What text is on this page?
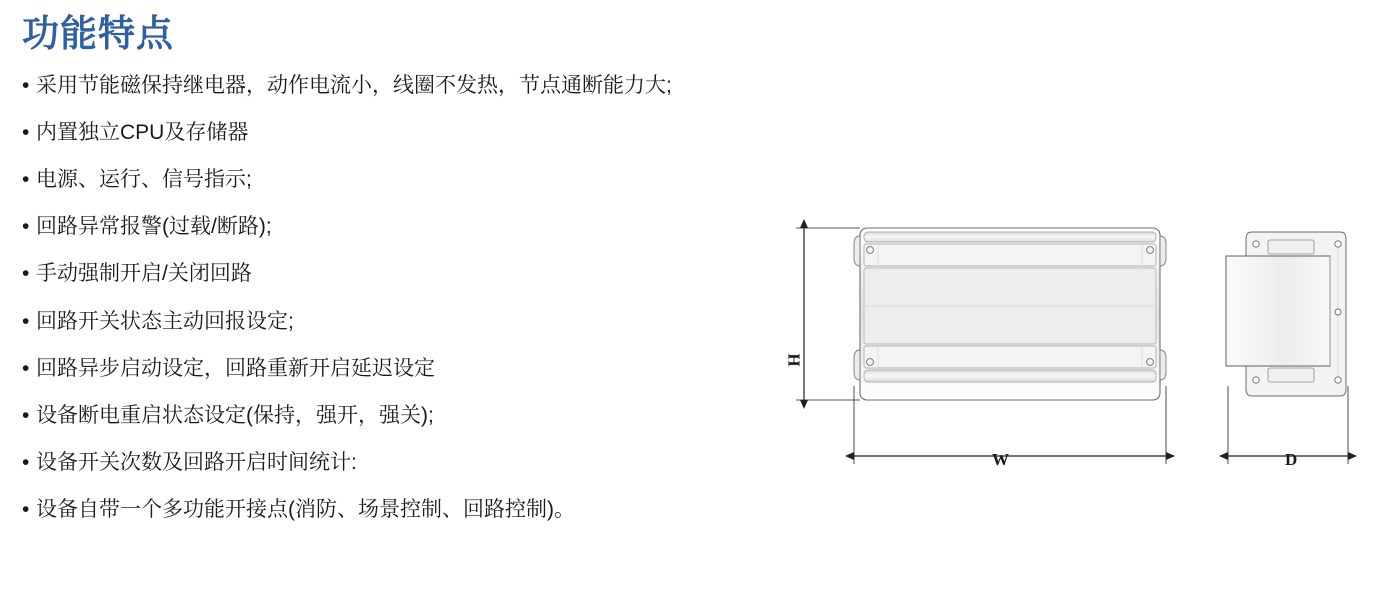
功能特点
• 采用节能磁保持继电器，动作电流小，线圈不发热，节点通断能力大;
• 内置独立CPU及存储器
• 电源、运行、信号指示;
• 回路异常报警(过载/断路);
• 手动强制开启/关闭回路
• 回路开关状态主动回报设定;
• 回路异步启动设定，回路重新开启延迟设定
• 设备断电重启状态设定(保持，强开，强关);
• 设备开关次数及回路开启时间统计:
• 设备自带一个多功能开接点(消防、场景控制、回路控制)。
H
W	D
